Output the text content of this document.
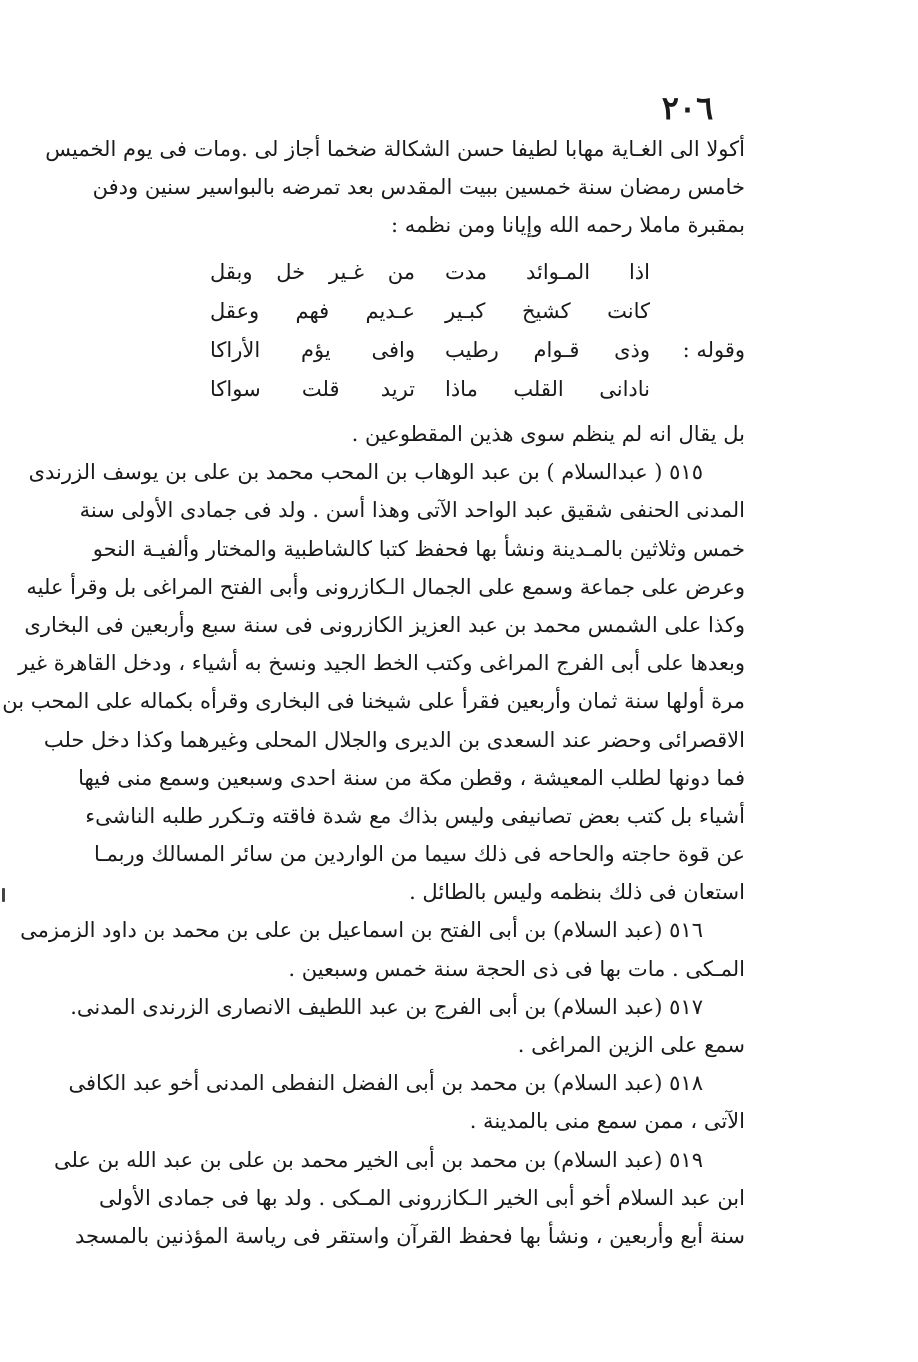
٢٠٦
أكولا الى الغـاية مهابا لطيفا حسن الشكالة ضخما أجاز لى .ومات فى يوم الخميس
خامس رمضان سنة خمسين ببيت المقدس بعد تمرضه بالبواسير سنين ودفن
بمقبرة ماملا رحمه الله وإيانا ومن نظمه :
اذا المـوائد مدت
من غـير خل وبقل
كانت كشيخ كبـير
عـديم فهم وعقل
وقوله :
وذى قـوام رطيب
وافى يؤم الأراكا
نادانى القلب ماذا
تريد قلت سواكا
بل يقال انه لم ينظم سوى هذين المقطوعين .
٥١٥ ( عبدالسلام ) بن عبد الوهاب بن المحب محمد بن على بن يوسف الزرندى
المدنى الحنفى شقيق عبد الواحد الآتى وهذا أسن . ولد فى جمادى الأولى سنة
خمس وثلاثين بالمـدينة ونشأ بها فحفظ كتبا كالشاطبية والمختار وألفيـة النحو
وعرض على جماعة وسمع على الجمال الـكازرونى وأبى الفتح المراغى بل وقرأ عليه
وكذا على الشمس محمد بن عبد العزيز الكازرونى فى سنة سبع وأربعين فى البخارى
وبعدها على أبى الفرج المراغى وكتب الخط الجيد ونسخ به أشياء ، ودخل القاهرة غير
مرة أولها سنة ثمان وأربعين فقرأ على شيخنا فى البخارى وقرأه بكماله على المحب بن
الاقصرائى وحضر عند السعدى بن الديرى والجلال المحلى وغيرهما وكذا دخل حلب
فما دونها لطلب المعيشة ، وقطن مكة من سنة احدى وسبعين وسمع منى فيها
أشياء بل كتب بعض تصانيفى وليس بذاك مع شدة فاقته وتـكرر طلبه الناشىء
عن قوة حاجته والحاحه فى ذلك سيما من الواردين من سائر المسالك وربمـا
استعان فى ذلك بنظمه وليس بالطائل .
٥١٦ (عبد السلام) بن أبى الفتح بن اسماعيل بن على بن محمد بن داود الزمزمى
المـكى . مات بها فى ذى الحجة سنة خمس وسبعين .
٥١٧ (عبد السلام) بن أبى الفرج بن عبد اللطيف الانصارى الزرندى المدنى.
سمع على الزين المراغى .
٥١٨ (عبد السلام) بن محمد بن أبى الفضل النفطى المدنى أخو عبد الكافى
الآتى ، ممن سمع منى بالمدينة .
٥١٩ (عبد السلام) بن محمد بن أبى الخير محمد بن على بن عبد الله بن على
ابن عبد السلام أخو أبى الخير الـكازرونى المـكى . ولد بها فى جمادى الأولى
سنة أبع وأربعين ، ونشأ بها فحفظ القرآن واستقر فى رياسة المؤذنين بالمسجد
